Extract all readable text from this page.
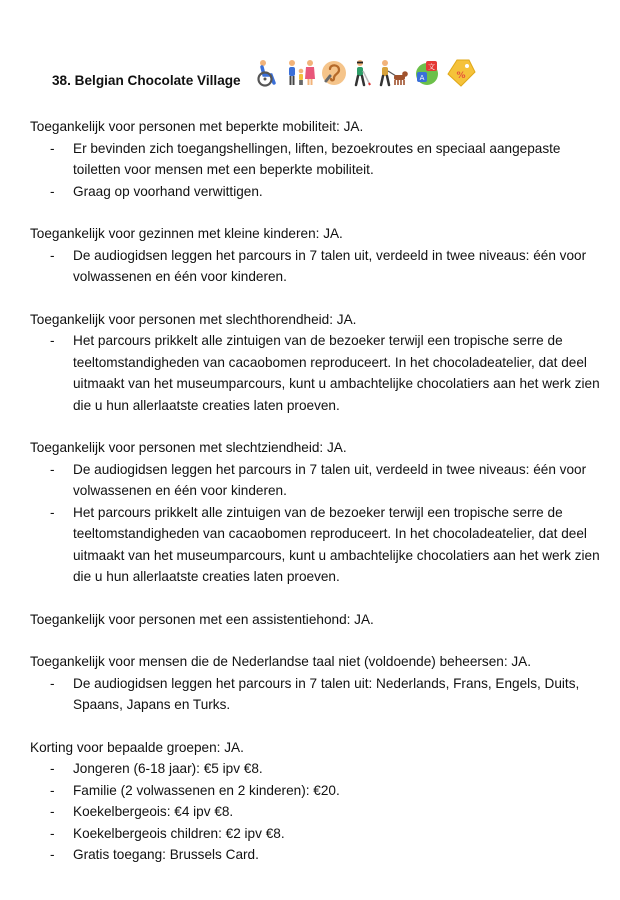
38. Belgian Chocolate Village
文
A	%
Toegankelijk voor personen met beperkte mobiliteit: JA.
- Er bevinden zich toegangshellingen, liften, bezoekroutes en speciaal aangepaste toiletten voor mensen met een beperkte mobiliteit.
- Graag op voorhand verwittigen.
Toegankelijk voor gezinnen met kleine kinderen: JA.
- De audiogidsen leggen het parcours in 7 talen uit, verdeeld in twee niveaus: één voor volwassenen en één voor kinderen.
Toegankelijk voor personen met slechthorendheid: JA.
- Het parcours prikkelt alle zintuigen van de bezoeker terwijl een tropische serre de teeltomstandigheden van cacaobomen reproduceert. In het chocoladeatelier, dat deel uitmaakt van het museumparcours, kunt u ambachtelijke chocolatiers aan het werk zien die u hun allerlaatste creaties laten proeven.
Toegankelijk voor personen met slechtziendheid: JA.
- De audiogidsen leggen het parcours in 7 talen uit, verdeeld in twee niveaus: één voor volwassenen en één voor kinderen.
- Het parcours prikkelt alle zintuigen van de bezoeker terwijl een tropische serre de teeltomstandigheden van cacaobomen reproduceert. In het chocoladeatelier, dat deel uitmaakt van het museumparcours, kunt u ambachtelijke chocolatiers aan het werk zien die u hun allerlaatste creaties laten proeven.
Toegankelijk voor personen met een assistentiehond: JA.
Toegankelijk voor mensen die de Nederlandse taal niet (voldoende) beheersen: JA.
- De audiogidsen leggen het parcours in 7 talen uit: Nederlands, Frans, Engels, Duits, Spaans, Japans en Turks.
Korting voor bepaalde groepen: JA.
- Jongeren (6-18 jaar): €5 ipv €8.
- Familie (2 volwassenen en 2 kinderen): €20.
- Koekelbergeois: €4 ipv €8.
- Koekelbergeois children: €2 ipv €8.
- Gratis toegang: Brussels Card.
